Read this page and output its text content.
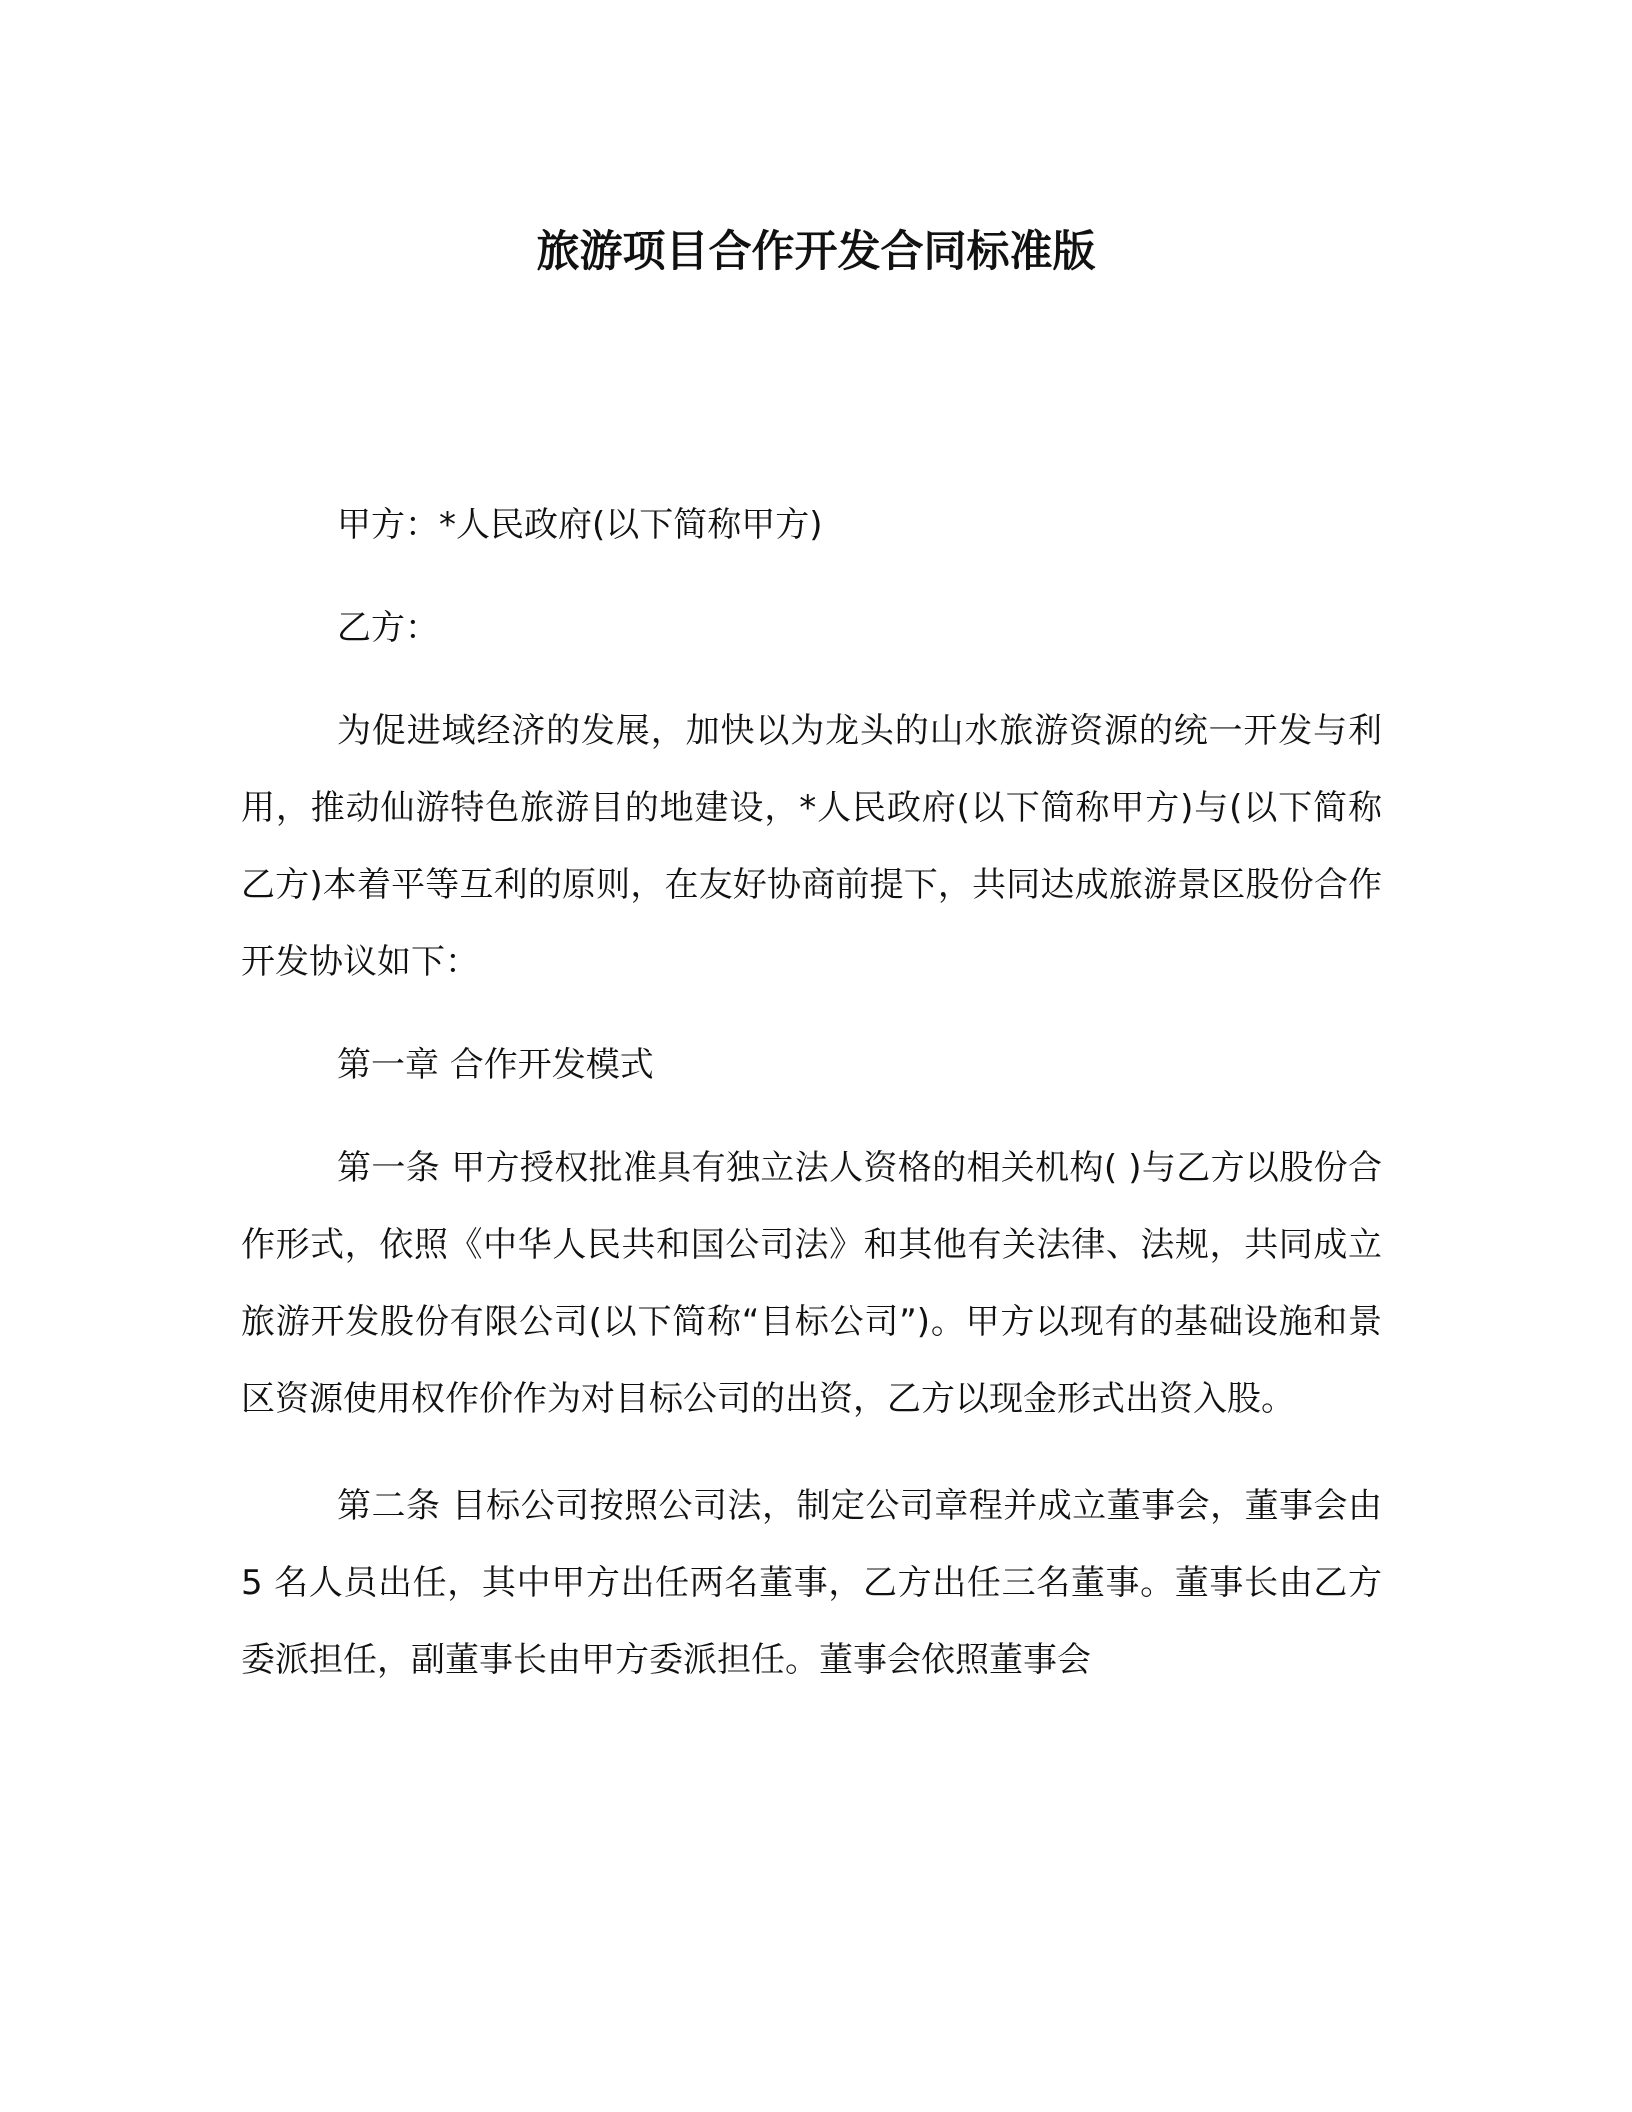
旅游项目合作开发合同标准版

甲方：*人民政府(以下简称甲方)

乙方：

为促进域经济的发展，加快以为龙头的山水旅游资源的统一开发与利用，推动仙游特色旅游目的地建设，*人民政府(以下简称甲方)与(以下简称乙方)本着平等互利的原则，在友好协商前提下，共同达成旅游景区股份合作开发协议如下：

第一章 合作开发模式

第一条 甲方授权批准具有独立法人资格的相关机构( )与乙方以股份合作形式，依照《中华人民共和国公司法》和其他有关法律、法规，共同成立旅游开发股份有限公司(以下简称“目标公司”)。甲方以现有的基础设施和景区资源使用权作价作为对目标公司的出资，乙方以现金形式出资入股。

第二条 目标公司按照公司法，制定公司章程并成立董事会，董事会由 5 名人员出任，其中甲方出任两名董事，乙方出任三名董事。董事长由乙方委派担任，副董事长由甲方委派担任。董事会依照董事会
